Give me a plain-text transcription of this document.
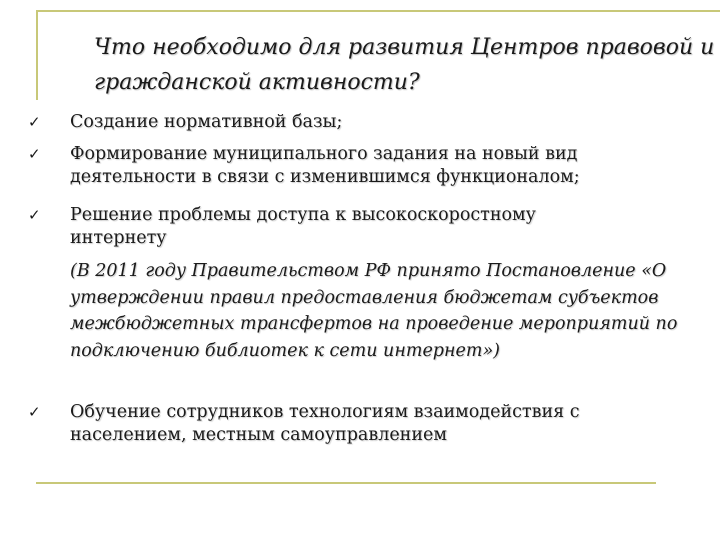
Что необходимо для развития Центров правовой и
гражданской активности?
✓ Создание нормативной базы;
✓ Формирование муниципального задания на новый вид
деятельности в связи с изменившимся функционалом;
✓ Решение проблемы доступа к высокоскоростному
интернету
(В 2011 году Правительством РФ принято Постановление «О
утверждении правил предоставления бюджетам субъектов
межбюджетных трансфертов на проведение мероприятий по
подключению библиотек к сети интернет»)
✓ Обучение сотрудников технологиям взаимодействия с
населением, местным самоуправлением
